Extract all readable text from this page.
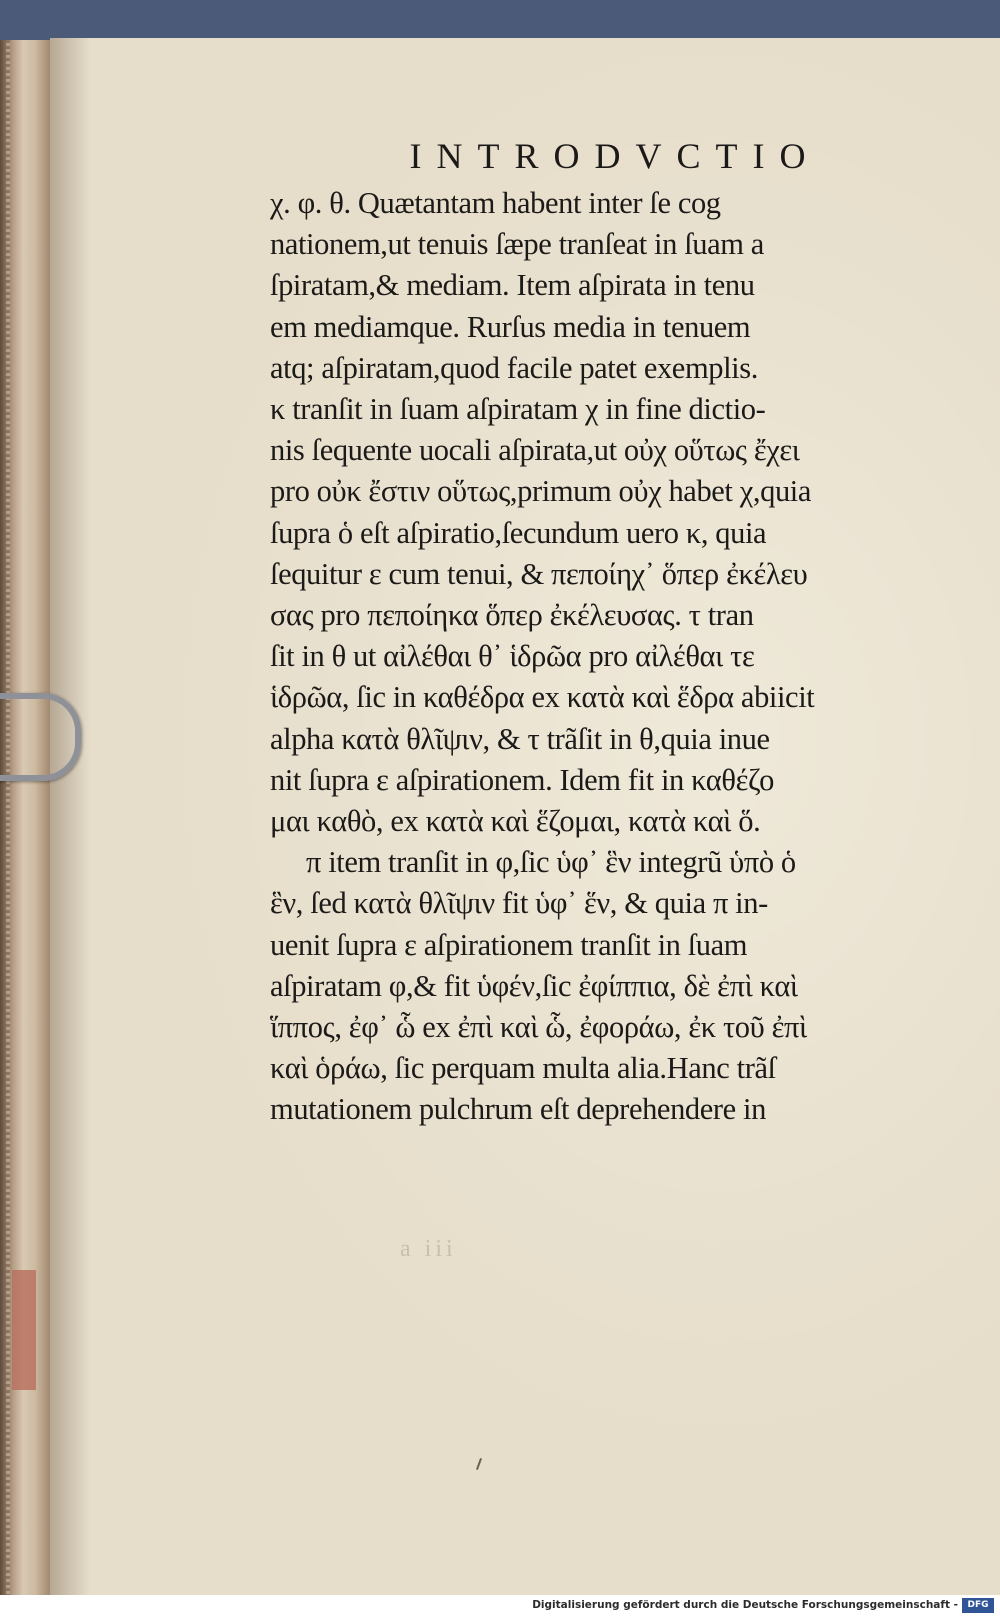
a iii
INTRODVCTIO
χ. φ. θ. Quætantam habent inter ſe cog
nationem,ut tenuis ſæpe tranſeat in ſuam a
ſpiratam,& mediam. Item aſpirata in tenu
em mediamque. Rurſus media in tenuem
atq; aſpiratam,quod facile patet exemplis.
κ tranſit in ſuam aſpiratam χ in fine dictio-
nis ſequente uocali aſpirata,ut οὐχ οὕτως ἔχει
pro οὐκ ἔστιν οὕτως,primum οὐχ habet χ,quia
ſupra ὁ eſt aſpiratio,ſecundum uero κ, quia
ſequitur ε cum tenui, & πεποίηχ᾽ ὅπερ ἐκέλευ
σας pro πεποίηκα ὅπερ ἐκέλευσας. τ tran
ſit in θ ut αἰλέθαι θ᾽ ἱδρῶα pro αἰλέθαι τε
ἱδρῶα, ſic in καθέδρα ex κατὰ καὶ ἕδρα abiicit
alpha κατὰ θλῖψιν, & τ trãſit in θ,quia inue
nit ſupra ε aſpirationem. Idem fit in καθέζο
μαι καθὸ, ex κατὰ καὶ ἕζομαι, κατὰ καὶ ὅ.
π item tranſit in φ,ſic ὑφ᾽ ἓν integrũ ὑπὸ ὁ
ἓν, ſed κατὰ θλῖψιν fit ὑφ᾽ ἕν, & quia π in-
uenit ſupra ε aſpirationem tranſit in ſuam
aſpiratam φ,& fit ὑφέν,ſic ἐφίππια, δὲ ἐπὶ καὶ
ἵππος, ἐφ᾽ ὧ ex ἐπὶ καὶ ὧ, ἐφοράω, ἐκ τοῦ ἐπὶ
καὶ ὁράω, ſic perquam multa alia.Hanc trãſ
mutationem pulchrum eſt deprehendere in
Digitalisierung gefördert durch die Deutsche Forschungsgemeinschaft -	DFG
